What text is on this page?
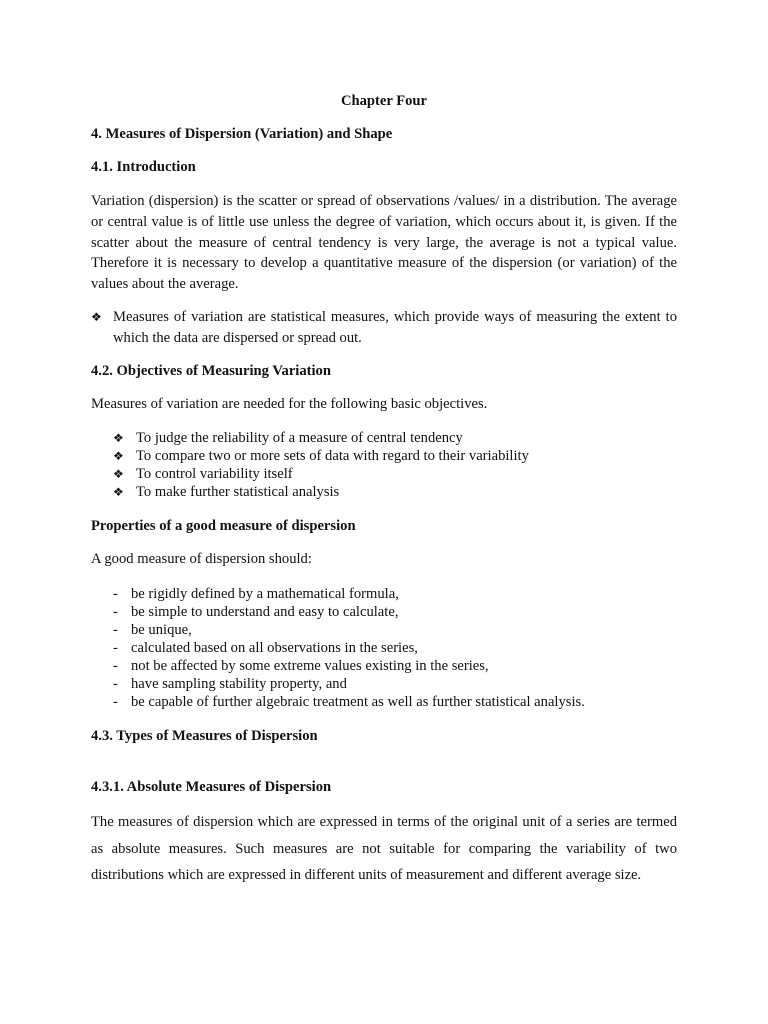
Chapter Four

4. Measures of Dispersion (Variation) and Shape

4.1. Introduction

Variation (dispersion) is the scatter or spread of observations /values/ in a distribution. The average or central value is of little use unless the degree of variation, which occurs about it, is given. If the scatter about the measure of central tendency is very large, the average is not a typical value. Therefore it is necessary to develop a quantitative measure of the dispersion (or variation) of the values about the average.

❖ Measures of variation are statistical measures, which provide ways of measuring the extent to which the data are dispersed or spread out.

4.2. Objectives of Measuring Variation

Measures of variation are needed for the following basic objectives.

❖ To judge the reliability of a measure of central tendency
❖ To compare two or more sets of data with regard to their variability
❖ To control variability itself
❖ To make further statistical analysis

Properties of a good measure of dispersion

A good measure of dispersion should:

- be rigidly defined by a mathematical formula,
- be simple to understand and easy to calculate,
- be unique,
- calculated based on all observations in the series,
- not be affected by some extreme values existing in the series,
- have sampling stability property, and
- be capable of further algebraic treatment as well as further statistical analysis.

4.3. Types of Measures of Dispersion

4.3.1. Absolute Measures of Dispersion

The measures of dispersion which are expressed in terms of the original unit of a series are termed as absolute measures. Such measures are not suitable for comparing the variability of two distributions which are expressed in different units of measurement and different average size.
